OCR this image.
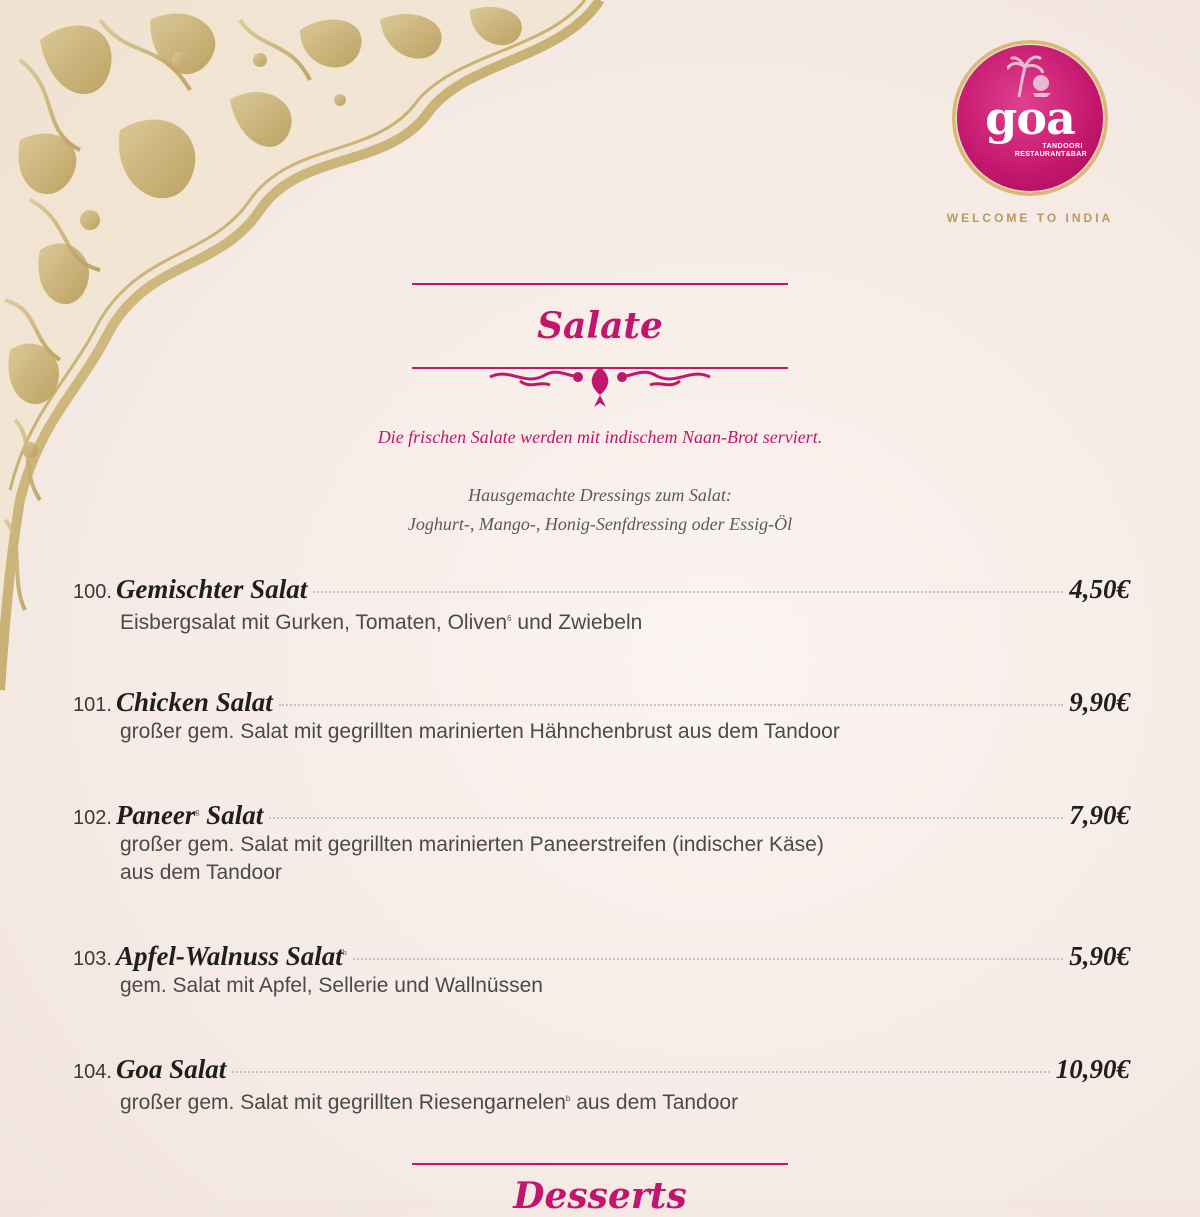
goa
TANDOORI
RESTAURANT&BAR
WELCOME TO INDIA
Salate
Die frischen Salate werden mit indischem Naan-Brot serviert.
Hausgemachte Dressings zum Salat:
Joghurt-, Mango-, Honig-Senfdressing oder Essig-Öl
100. Gemischter Salat	4,50€
Eisbergsalat mit Gurken, Tomaten, Oliven$^6$ und Zwiebeln
101. Chicken Salat	9,90€
großer gem. Salat mit gegrillten marinierten Hähnchenbrust aus dem Tandoor
102. Paneer$^g$ Salat	7,90€
großer gem. Salat mit gegrillten marinierten Paneerstreifen (indischer Käse)
aus dem Tandoor
103. Apfel-Walnuss Salat$^h$	5,90€
gem. Salat mit Apfel, Sellerie und Wallnüssen
104. Goa Salat	10,90€
großer gem. Salat mit gegrillten Riesengarnelen$^b$ aus dem Tandoor
Desserts
